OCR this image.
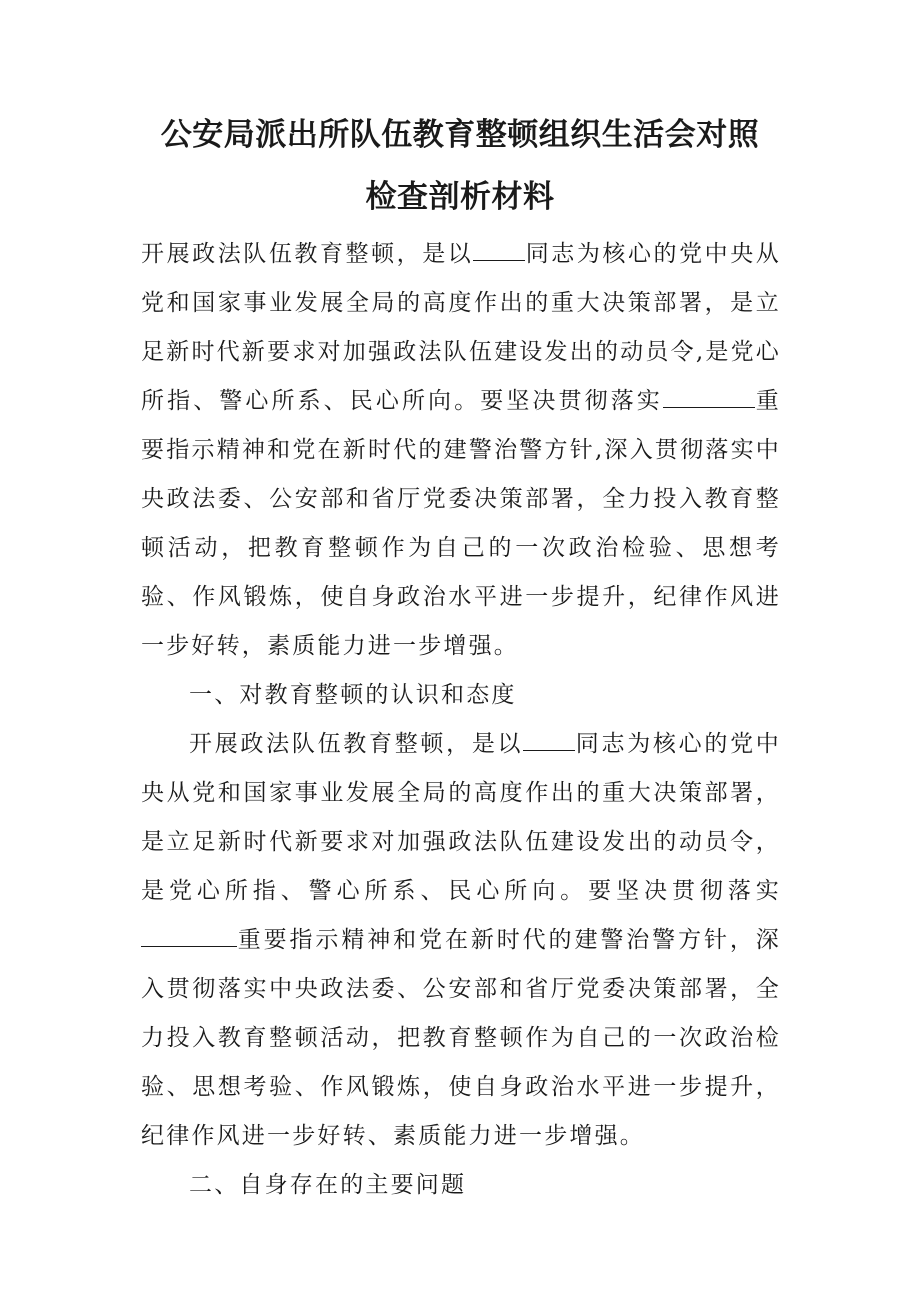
公安局派出所队伍教育整顿组织生活会对照
检查剖析材料

开展政法队伍教育整顿，是以 同志为核心的党中央从党和国家事业发展全局的高度作出的重大决策部署，是立足新时代新要求对加强政法队伍建设发出的动员令,是党心所指、警心所系、民心所向。要坚决贯彻落实	重要指示精神和党在新时代的建警治警方针,深入贯彻落实中央政法委、公安部和省厅党委决策部署，全力投入教育整顿活动，把教育整顿作为自己的一次政治检验、思想考验、作风锻炼，使自身政治水平进一步提升，纪律作风进一步好转，素质能力进一步增强。

一、对教育整顿的认识和态度

开展政法队伍教育整顿，是以 同志为核心的党中央从党和国家事业发展全局的高度作出的重大决策部署，是立足新时代新要求对加强政法队伍建设发出的动员令，是党心所指、警心所系、民心所向。要坚决贯彻落实重要指示精神和党在新时代的建警治警方针，深入贯彻落实中央政法委、公安部和省厅党委决策部署，全力投入教育整顿活动，把教育整顿作为自己的一次政治检验、思想考验、作风锻炼，使自身政治水平进一步提升，纪律作风进一步好转、素质能力进一步增强。

二、自身存在的主要问题
